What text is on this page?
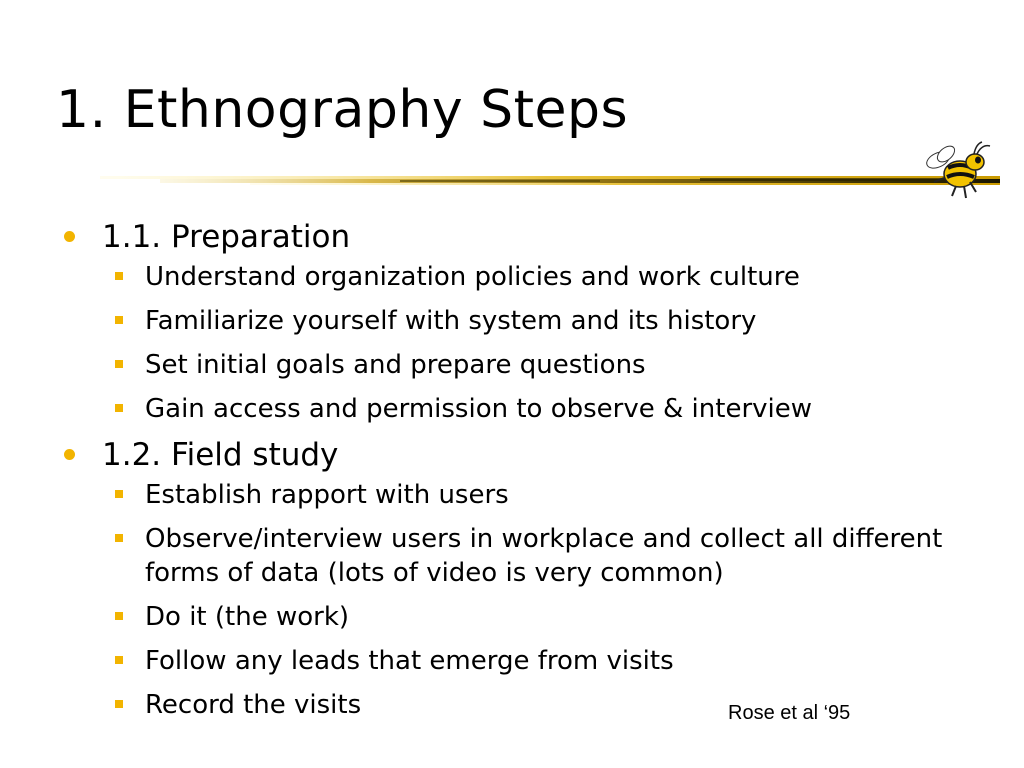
1. Ethnography Steps
1.1. Preparation
Understand organization policies and work culture
Familiarize yourself with system and its history
Set initial goals and prepare questions
Gain access and permission to observe & interview
1.2. Field study
Establish rapport with users
Observe/interview users in workplace and collect all different forms of data (lots of video is very common)
Do it (the work)
Follow any leads that emerge from visits
Record the visits	Rose et al ‘95
